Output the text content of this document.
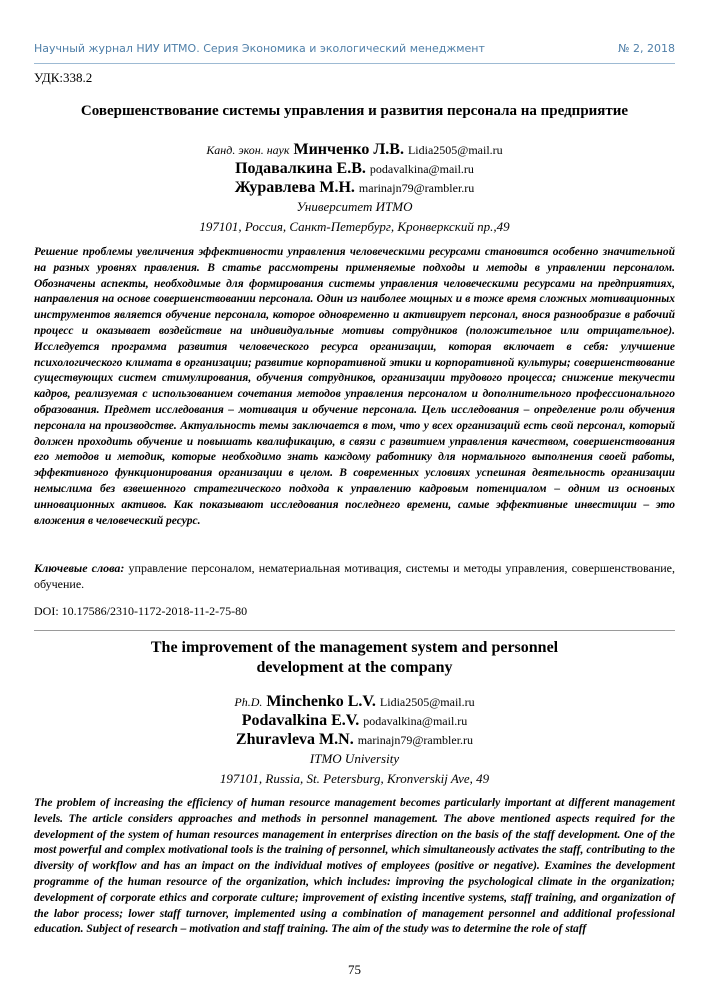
Научный журнал НИУ ИТМО. Серия Экономика и экологический менеджмент	№ 2, 2018
УДК:338.2
Совершенствование системы управления и развития персонала на предприятие
Канд. экон. наук Минченко Л.В. Lidia2505@mail.ru
Подавалкина Е.В. podavalkina@mail.ru
Журавлева М.Н. marinajn79@rambler.ru
Университет ИТМО
197101, Россия, Санкт-Петербург, Кронверкский пр.,49
Решение проблемы увеличения эффективности управления человеческими ресурсами становится особенно значительной на разных уровнях правления. В статье рассмотрены применяемые подходы и методы в управлении персоналом. Обозначены аспекты, необходимые для формирования системы управления человеческими ресурсами на предприятиях, направления на основе совершенствовании персонала. Один из наиболее мощных и в тоже время сложных мотивационных инструментов является обучение персонала, которое одновременно и активирует персонал, внося разнообразие в рабочий процесс и оказывает воздействие на индивидуальные мотивы сотрудников (положительное или отрицательное). Исследуется программа развития человеческого ресурса организации, которая включает в себя: улучшение психологического климата в организации; развитие корпоративной этики и корпоративной культуры; совершенствование существующих систем стимулирования, обучения сотрудников, организации трудового процесса; снижение текучести кадров, реализуемая с использованием сочетания методов управления персоналом и дополнительного профессионального образования. Предмет исследования – мотивация и обучение персонала. Цель исследования – определение роли обучения персонала на производстве. Актуальность темы заключается в том, что у всех организаций есть свой персонал, который должен проходить обучение и повышать квалификацию, в связи с развитием управления качеством, совершенствования его методов и методик, которые необходимо знать каждому работнику для нормального выполнения своей работы, эффективного функционирования организации в целом. В современных условиях успешная деятельность организации немыслима без взвешенного стратегического подхода к управлению кадровым потенциалом – одним из основных инновационных активов. Как показывают исследования последнего времени, самые эффективные инвестиции – это вложения в человеческий ресурс.
Ключевые слова: управление персоналом, нематериальная мотивация, системы и методы управления, совершенствование, обучение.
DOI: 10.17586/2310-1172-2018-11-2-75-80
The improvement of the management system and personnel
development at the company
Ph.D. Minchenko L.V. Lidia2505@mail.ru
Podavalkina E.V. podavalkina@mail.ru
Zhuravleva M.N. marinajn79@rambler.ru
ITMO University
197101, Russia, St. Petersburg, Kronverskij Ave, 49
The problem of increasing the efficiency of human resource management becomes particularly important at different management levels. The article considers approaches and methods in personnel management. The above mentioned aspects required for the development of the system of human resources management in enterprises direction on the basis of the staff development. One of the most powerful and complex motivational tools is the training of personnel, which simultaneously activates the staff, contributing to the diversity of workflow and has an impact on the individual motives of employees (positive or negative). Examines the development programme of the human resource of the organization, which includes: improving the psychological climate in the organization; development of corporate ethics and corporate culture; improvement of existing incentive systems, staff training, and organization of the labor process; lower staff turnover, implemented using a combination of management personnel and additional professional education. Subject of research – motivation and staff training. The aim of the study was to determine the role of staff
75
